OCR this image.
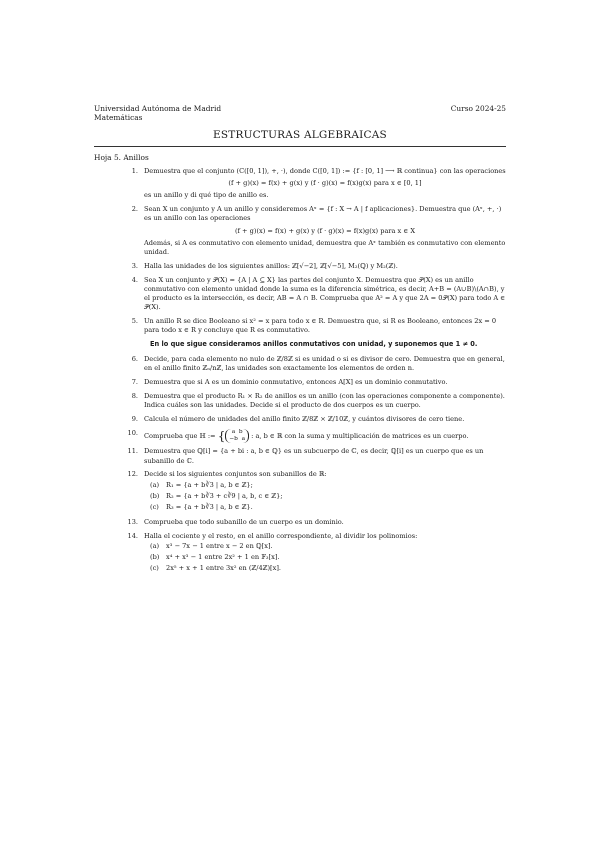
Universidad Autónoma de Madrid
Matemáticas
Curso 2024-25
ESTRUCTURAS ALGEBRAICAS
Hoja 5. Anillos
1. Demuestra que el conjunto (C([0, 1]), +, ·), donde C([0, 1]) := {f : [0, 1] ⟶ ℝ continua} con las operaciones

(f + g)(x) = f(x) + g(x) y (f · g)(x) = f(x)g(x) para x ∈ [0, 1]

es un anillo y di qué tipo de anillo es.

2. Sean X un conjunto y A un anillo y consideremos Aˣ = {f : X → A | f aplicaciones}. Demuestra que (Aˣ, +, ·) es un anillo con las operaciones

(f + g)(x) = f(x) + g(x) y (f · g)(x) = f(x)g(x) para x ∈ X

Además, si A es conmutativo con elemento unidad, demuestra que Aˣ también es conmutativo con elemento unidad.

3. Halla las unidades de los siguientes anillos: ℤ[√−2], ℤ[√−5], M₂(ℚ) y M₂(ℤ).

4. Sea X un conjunto y 𝒫(X) = {A | A ⊆ X} las partes del conjunto X. Demuestra que 𝒫(X) es un anillo conmutativo con elemento unidad donde la suma es la diferencia simétrica, es decir, A+B = (A∪B)\(A∩B), y el producto es la intersección, es decir, AB = A ∩ B. Comprueba que A² = A y que 2A = 0𝒫(X) para todo A ∈ 𝒫(X).

5. Un anillo R se dice Booleano si x² = x para todo x ∈ R. Demuestra que, si R es Booleano, entonces 2x = 0 para todo x ∈ R y concluye que R es conmutativo.

En lo que sigue consideramos anillos conmutativos con unidad, y suponemos que 1 ≠ 0.
6. Decide, para cada elemento no nulo de ℤ/8ℤ si es unidad o si es divisor de cero. Demuestra que en general, en el anillo finito ℤₙ/nℤ, las unidades son exactamente los elementos de orden n.

7. Demuestra que si A es un dominio conmutativo, entonces A[X] es un dominio conmutativo.

8. Demuestra que el producto R₁ × R₂ de anillos es un anillo (con las operaciones componente a componente). Indica cuáles son las unidades. Decide si el producto de dos cuerpos es un cuerpo.

9. Calcula el número de unidades del anillo finito ℤ/8ℤ × ℤ/10ℤ, y cuántos divisores de cero tiene.

10. Comprueba que ℍ := { a b
−b a : a, b ∈ ℝ con la suma y multiplicación de matrices es un cuerpo.
11. Demuestra que ℚ[i] = {a + bi : a, b ∈ ℚ} es un subcuerpo de ℂ, es decir, ℚ[i] es un cuerpo que es un subanillo de ℂ.

12. Decide si los siguientes conjuntos son subanillos de ℝ:

(a)	R₁ = {a + b∛3 | a, b ∈ ℤ};
(b)	R₂ = {a + b∛3 + c∛9 | a, b, c ∈ ℤ};
(c)	R₃ = {a + b∛3 | a, b ∈ ℤ}.
13. Comprueba que todo subanillo de un cuerpo es un dominio.

14. Halla el cociente y el resto, en el anillo correspondiente, al dividir los polinomios:

(a)	x³ − 7x − 1 entre x − 2 en ℚ[x].
(b)	x⁴ + x³ − 1 entre 2x² + 1 en 𝔽₃[x].
(c)	2x⁵ + x + 1 entre 3x² en (ℤ/4ℤ)[x].
